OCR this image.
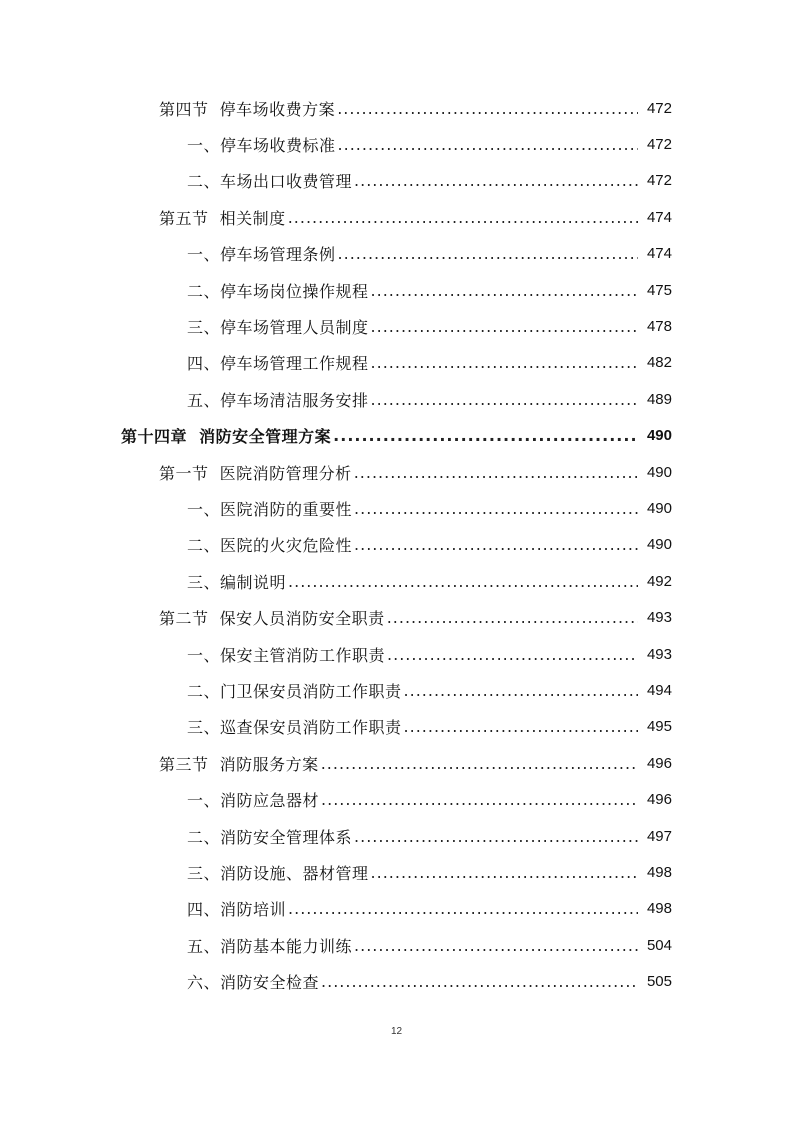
第四节  停车场收费方案 .....	472
一、停车场收费标准 .....	472
二、车场出口收费管理 .....	472
第五节  相关制度 .....	474
一、停车场管理条例 .....	474
二、停车场岗位操作规程 .....	475
三、停车场管理人员制度 .....	478
四、停车场管理工作规程 .....	482
五、停车场清洁服务安排 .....	489
第十四章  消防安全管理方案 .....	490
第一节  医院消防管理分析 .....	490
一、医院消防的重要性 .....	490
二、医院的火灾危险性 .....	490
三、编制说明 .....	492
第二节  保安人员消防安全职责 .....	493
一、保安主管消防工作职责 .....	493
二、门卫保安员消防工作职责 .....	494
三、巡查保安员消防工作职责 .....	495
第三节  消防服务方案 .....	496
一、消防应急器材 .....	496
二、消防安全管理体系 .....	497
三、消防设施、器材管理 .....	498
四、消防培训 .....	498
五、消防基本能力训练 .....	504
六、消防安全检查 .....	505
12
